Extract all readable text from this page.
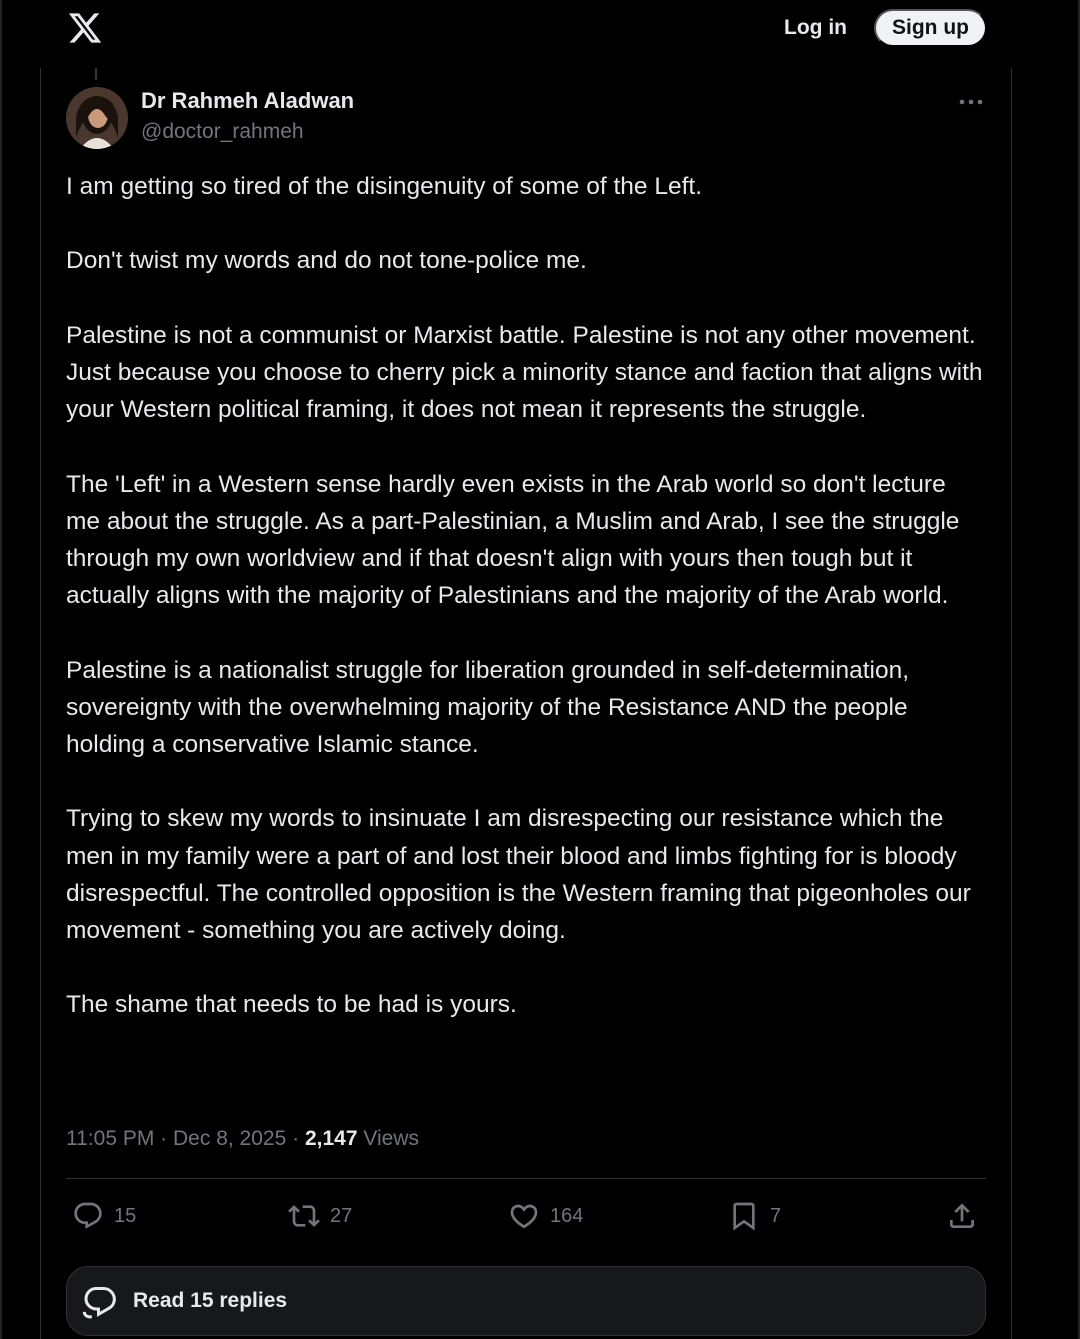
Log in	Sign up
Dr Rahmeh Aladwan
@doctor_rahmeh

I am getting so tired of the disingenuity of some of the Left.

Don't twist my words and do not tone-police me.

Palestine is not a communist or Marxist battle. Palestine is not any other movement. Just because you choose to cherry pick a minority stance and faction that aligns with your Western political framing, it does not mean it represents the struggle.

The 'Left' in a Western sense hardly even exists in the Arab world so don't lecture me about the struggle. As a part-Palestinian, a Muslim and Arab, I see the struggle through my own worldview and if that doesn't align with yours then tough but it actually aligns with the majority of Palestinians and the majority of the Arab world.

Palestine is a nationalist struggle for liberation grounded in self-determination, sovereignty with the overwhelming majority of the Resistance AND the people holding a conservative Islamic stance.

Trying to skew my words to insinuate I am disrespecting our resistance which the men in my family were a part of and lost their blood and limbs fighting for is bloody disrespectful. The controlled opposition is the Western framing that pigeonholes our movement - something you are actively doing.

The shame that needs to be had is yours.

11:05 PM · Dec 8, 2025 · 2,147 Views
15	27	164	7
Read 15 replies
